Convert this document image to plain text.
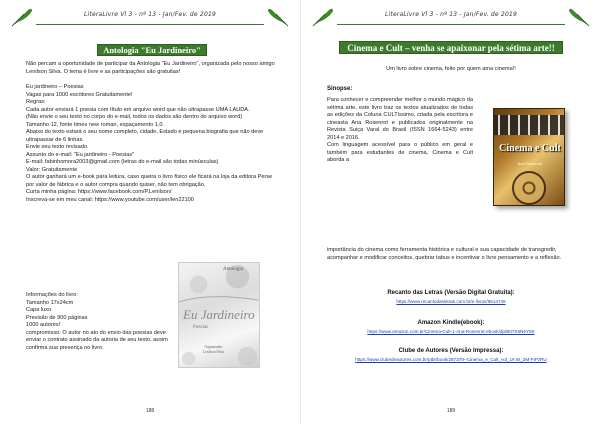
LiteraLivre Vl 3 - nº 13 - Jan/Fev. de 2019
Antologia "Eu Jardineiro"
Não percam a oportunidade de participar da Antologia "Eu Jardineiro", organizada pelo nosso amigo Lenilson Silva. O tema é livre e as participações são gratuitas!
Eu jardineiro – Poesias
Vagas para 1000 escritores Gratuitamente!
Regras:
Cada autor enviará 1 poesia com título em arquivo word que não ultrapasse UMA LAUDA.
(Não envie o seu texto no corpo do e-mail, todos os dados são dentro do arquivo word)
Tamanho 12, fonte times new roman, espaçamento 1,0.
Abaixo do texto estará o seu nome completo, cidade, Estado e pequena biografia que não deve ultrapassar de 6 linhas.
Envie seu texto revisado.
Assunto do e-mail: "Eu jardineiro - Poesias"
E-mail: fabinhomora2003@gmail.com (letras do e-mail são todas minúsculas)
Valor: Gratuitamente
O autor ganhará um e-book para leitura, caso queira o livro físico ele ficará na loja da editora Perse por valor de fábrica e o autor compra quando quiser, não tem obrigação.
Curta minha página: https://www.facebook.com/P.Lenilson/
Inscreva-se em meu canal: https://www.youtube.com/user/len22100
Informações do livro:
Tamanho 17x24cm
Capa luxo
Previsão de 900 páginas
1000 autores!
compromisso: O autor no ato do envio das poesias deve enviar o contrato assinado da autoria de seu texto, assim confirma sua presença no livro.
Antologia
Eu Jardineiro
Poesias
Organizador
Lenilson Silva
188
LiteraLivre Vl 3 - nº 13 - Jan/Fev. de 2019
Cinema e Cult – venha se apaixonar pela sétima arte!!
Um livro sobre cinema, feito por quem ama cinema!!
Sinopse:
Para conhecer e compreender melhor o mundo mágico da sétima arte, este livro traz os textos atualizados de todas as edições da Coluna CULTíssimo, criada pela escritora e cineasta Ana Rosenrot e publicados originalmente na Revista Suiça Varal do Brasil (ISSN 1664-5243) entre 2014 e 2016.
Com linguagem acessível para o público em geral e também para estudantes de cinema, Cinema e Cult aborda a
importância do cinema como ferramenta histórica e cultural e sua capacidade de transgredir, acompanhar e modificar conceitos, quebrar tabus e incentivar o livre pensamento e a reflexão.
Cinema e Cult
Ana Rosenrot
Recanto das Letras (Versão Digital Gratuita):
https://www.recantodasletras.com.br/e-livros/6514745
Amazon Kindle(ebook):
https://www.amazon.com.br/Cinema-Cult-1-Ana-Rosenrot-ebook/dp/B07K5N5Y9S
Clube de Autores (Versão Impressa):
https://www.clubedeautores.com.br/ptbr/book/267379--Cinema_e_Cult_vol_1#.W_2M-FtPzRU
189
